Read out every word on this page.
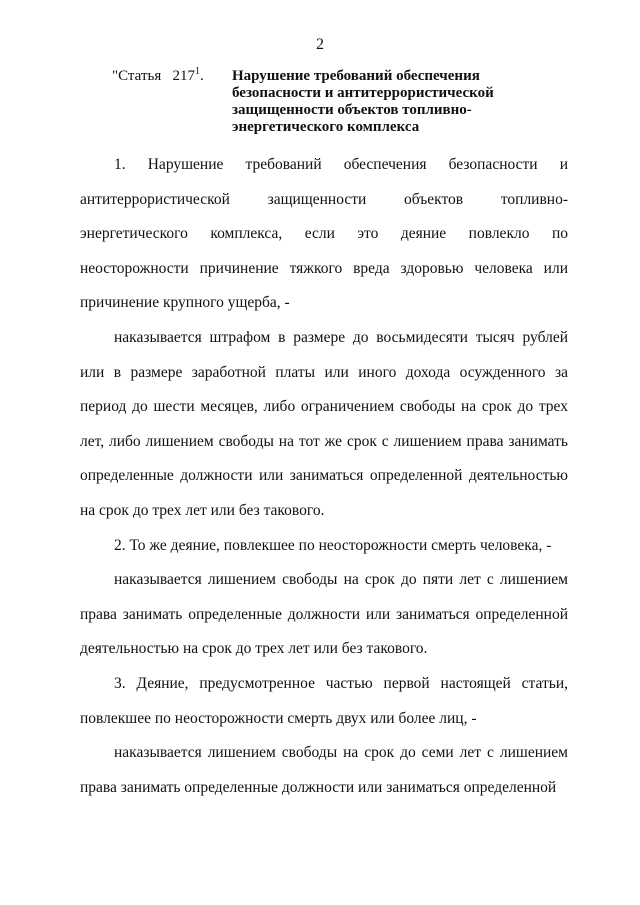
2
"Статья   $217^1$.	Нарушение требований обеспечения безопасности и антитеррористической защищенности объектов топливно-энергетического комплекса

1. Нарушение требований обеспечения безопасности и антитеррористической защищенности объектов топливно-энергетического комплекса, если это деяние повлекло по неосторожности причинение тяжкого вреда здоровью человека или причинение крупного ущерба, -

наказывается штрафом в размере до восьмидесяти тысяч рублей или в размере заработной платы или иного дохода осужденного за период до шести месяцев, либо ограничением свободы на срок до трех лет, либо лишением свободы на тот же срок с лишением права занимать определенные должности или заниматься определенной деятельностью на срок до трех лет или без такового.

2. То же деяние, повлекшее по неосторожности смерть человека, -

наказывается лишением свободы на срок до пяти лет с лишением права занимать определенные должности или заниматься определенной деятельностью на срок до трех лет или без такового.

3. Деяние, предусмотренное частью первой настоящей статьи, повлекшее по неосторожности смерть двух или более лиц, -

наказывается лишением свободы на срок до семи лет с лишением права занимать определенные должности или заниматься определенной
